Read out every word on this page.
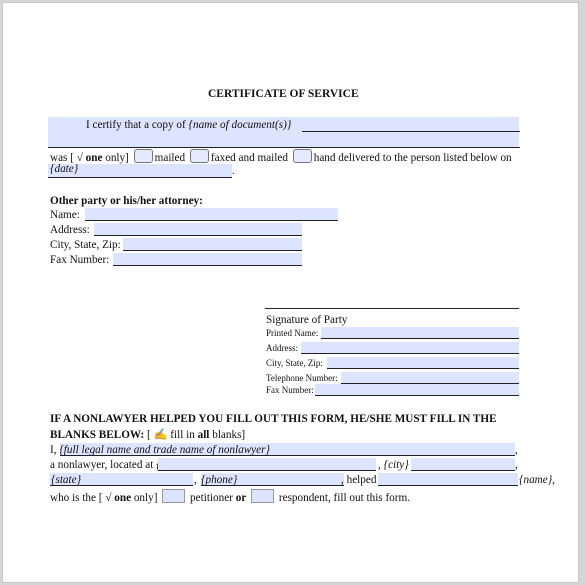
CERTIFICATE OF SERVICE
I certify that a copy of {name of document(s)}
was [ √ one only] mailed faxed and mailed hand delivered to the person listed below on
{date}	.
Other party or his/her attorney:
Name:
Address:
City, State, Zip:
Fax Number:
Signature of Party
Printed Name:
Address:
City, State, Zip:
Telephone Number:
Fax Number:
IF A NONLAWYER HELPED YOU FILL OUT THIS FORM, HE/SHE MUST FILL IN THE
BLANKS BELOW: [ ✍ fill in all blanks]
I, {full legal name and trade name of nonlawyer}	,
a nonlawyer, located at	, {city}	,
{state}	, {phone}	, helped	{name},
who is the [ √ one only]	petitioner or	respondent, fill out this form.
